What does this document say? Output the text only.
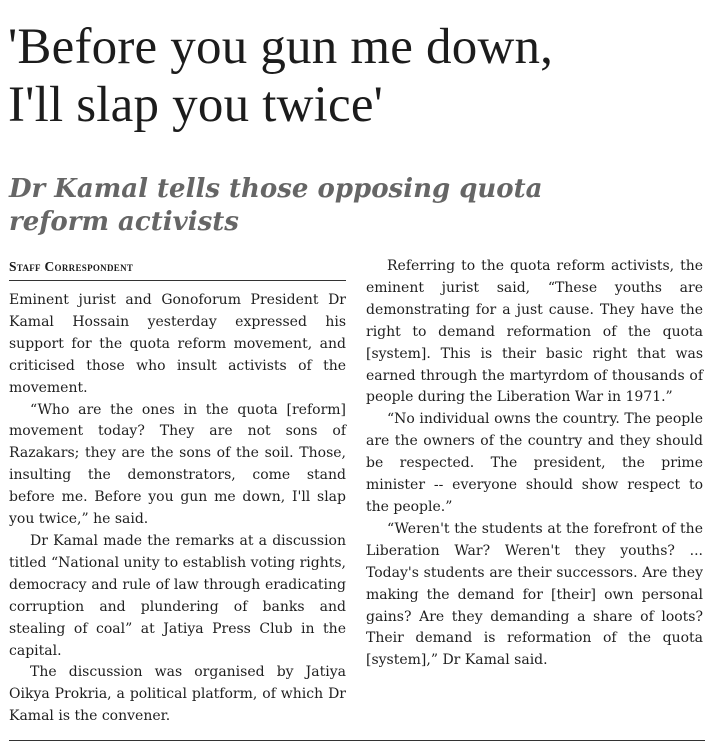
'Before you gun me down,
I'll slap you twice'
Dr Kamal tells those opposing quota
reform activists
Staff Correspondent

Eminent jurist and Gonoforum President Dr Kamal Hossain yesterday expressed his support for the quota reform movement, and criticised those who insult activists of the movement.

“Who are the ones in the quota [reform] movement today? They are not sons of Razakars; they are the sons of the soil. Those, insulting the demonstrators, come stand before me. Before you gun me down, I'll slap you twice,” he said.

Dr Kamal made the remarks at a discussion titled “National unity to establish voting rights, democracy and rule of law through eradicating corruption and plundering of banks and stealing of coal” at Jatiya Press Club in the capital.

The discussion was organised by Jatiya Oikya Prokria, a political platform, of which Dr Kamal is the convener.

Referring to the quota reform activists, the eminent jurist said, “These youths are demonstrating for a just cause. They have the right to demand reformation of the quota [system]. This is their basic right that was earned through the martyrdom of thousands of people during the Liberation War in 1971.”

“No individual owns the country. The people are the owners of the country and they should be respected. The president, the prime minister -- everyone should show respect to the people.”

“Weren't the students at the forefront of the Liberation War? Weren't they youths? ... Today's students are their successors. Are they making the demand for [their] own personal gains? Are they demanding a share of loots? Their demand is reformation of the quota [system],” Dr Kamal said.
